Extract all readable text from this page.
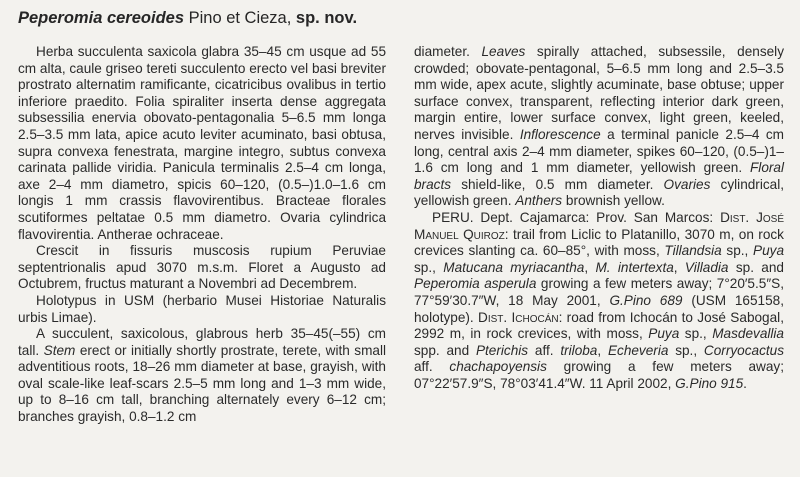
Peperomia cereoides Pino et Cieza, sp. nov.

Herba succulenta saxicola glabra 35–45 cm usque ad 55 cm alta, caule griseo tereti succulento erecto vel basi breviter prostrato alternatim ramificante, cicatricibus ovalibus in tertio inferiore praedito. Folia spiraliter inserta dense aggregata subsessilia enervia obovato-pentagonalia 5–6.5 mm longa 2.5–3.5 mm lata, apice acuto leviter acuminato, basi obtusa, supra convexa fenestrata, margine integro, subtus convexa carinata pallide viridia. Panicula terminalis 2.5–4 cm longa, axe 2–4 mm diametro, spicis 60–120, (0.5–)1.0–1.6 cm longis 1 mm crassis flavovirentibus. Bracteae florales scutiformes peltatae 0.5 mm diametro. Ovaria cylindrica flavovirentia. Antherae ochraceae.

Crescit in fissuris muscosis rupium Peruviae septentrionalis apud 3070 m.s.m. Floret a Augusto ad Octubrem, fructus maturant a Novembri ad Decembrem.

Holotypus in USM (herbario Musei Historiae Naturalis urbis Limae).

A succulent, saxicolous, glabrous herb 35–45(–55) cm tall. Stem erect or initially shortly prostrate, terete, with small adventitious roots, 18–26 mm diameter at base, grayish, with oval scale-like leaf-scars 2.5–5 mm long and 1–3 mm wide, up to 8–16 cm tall, branching alternately every 6–12 cm; branches grayish, 0.8–1.2 cm

diameter. Leaves spirally attached, subsessile, densely crowded; obovate-pentagonal, 5–6.5 mm long and 2.5–3.5 mm wide, apex acute, slightly acuminate, base obtuse; upper surface convex, transparent, reflecting interior dark green, margin entire, lower surface convex, light green, keeled, nerves invisible. Inflorescence a terminal panicle 2.5–4 cm long, central axis 2–4 mm diameter, spikes 60–120, (0.5–)1–1.6 cm long and 1 mm diameter, yellowish green. Floral bracts shield-like, 0.5 mm diameter. Ovaries cylindrical, yellowish green. Anthers brownish yellow.

PERU. Dept. Cajamarca: Prov. San Marcos: Dist. José Manuel Quiroz: trail from Liclic to Platanillo, 3070 m, on rock crevices slanting ca. 60–85°, with moss, Tillandsia sp., Puya sp., Matucana myriacantha, M. intertexta, Villadia sp. and Peperomia asperula growing a few meters away; 7°20′5.5″S, 77°59′30.7″W, 18 May 2001, G.Pino 689 (USM 165158, holotype). Dist. Ichocán: road from Ichocán to José Sabogal, 2992 m, in rock crevices, with moss, Puya sp., Masdevallia spp. and Pterichis aff. triloba, Echeveria sp., Corryocactus aff. chachapoyensis growing a few meters away; 07°22′57.9″S, 78°03′41.4″W. 11 April 2002, G.Pino 915.
